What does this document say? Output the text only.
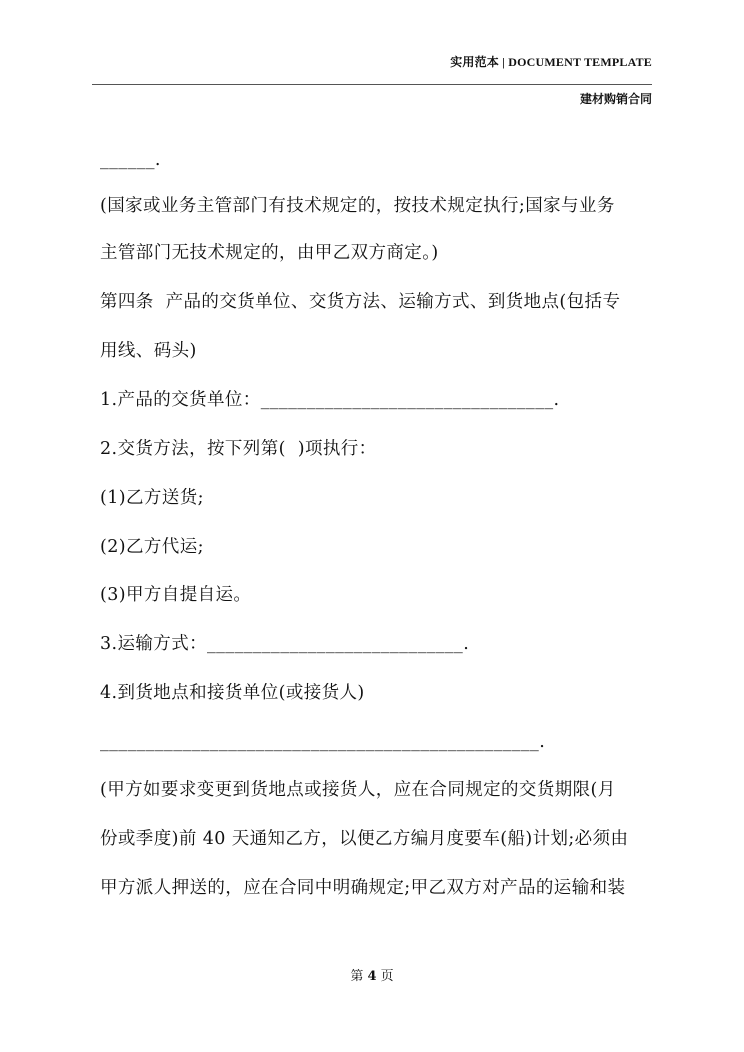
实用范本 | DOCUMENT TEMPLATE
建材购销合同
______.
(国家或业务主管部门有技术规定的，按技术规定执行;国家与业务
主管部门无技术规定的，由甲乙双方商定。)
第四条  产品的交货单位、交货方法、运输方式、到货地点(包括专
用线、码头)
1.产品的交货单位：________________________________.
2.交货方法，按下列第(  )项执行：
(1)乙方送货;
(2)乙方代运;
(3)甲方自提自运。
3.运输方式：____________________________.
4.到货地点和接货单位(或接货人)
________________________________________________.
(甲方如要求变更到货地点或接货人，应在合同规定的交货期限(月
份或季度)前 40 天通知乙方，以便乙方编月度要车(船)计划;必须由
甲方派人押送的，应在合同中明确规定;甲乙双方对产品的运输和装
第 4 页
